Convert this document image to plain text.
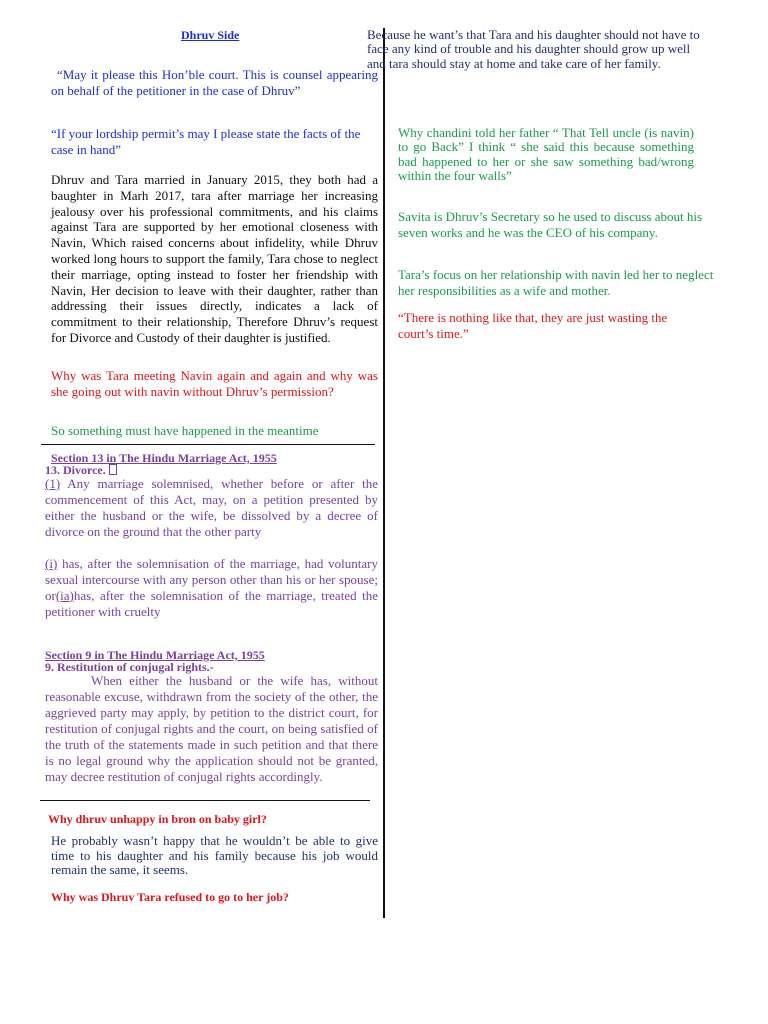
Dhruv Side
“May it please this Hon’ble court. This is counsel appearing on behalf of the petitioner in the case of Dhruv”
“If your lordship permit’s may I please state the facts of the case in hand”
Dhruv and Tara married in January 2015, they both had a baughter in Marh 2017, tara after marriage her increasing jealousy over his professional commitments, and his claims against Tara are supported by her emotional closeness with Navin, Which raised concerns about infidelity, while Dhruv worked long hours to support the family, Tara chose to neglect their marriage, opting instead to foster her friendship with Navin, Her decision to leave with their daughter, rather than addressing their issues directly, indicates a lack of commitment to their relationship, Therefore Dhruv’s request for Divorce and Custody of their daughter is justified.
Why was Tara meeting Navin again and again and why was she going out with navin without Dhruv’s permission?
So something must have happened in the meantime
Section 13 in The Hindu Marriage Act, 1955
13. Divorce.
(1) Any marriage solemnised, whether before or after the commencement of this Act, may, on a petition presented by either the husband or the wife, be dissolved by a decree of divorce on the ground that the other party
(i) has, after the solemnisation of the marriage, had voluntary sexual intercourse with any person other than his or her spouse; or(ia)has, after the solemnisation of the marriage, treated the petitioner with cruelty
Section 9 in The Hindu Marriage Act, 1955
9. Restitution of conjugal rights.-
When either the husband or the wife has, without reasonable excuse, withdrawn from the society of the other, the aggrieved party may apply, by petition to the district court, for restitution of conjugal rights and the court, on being satisfied of the truth of the statements made in such petition and that there is no legal ground why the application should not be granted, may decree restitution of conjugal rights accordingly.
Why dhruv unhappy in bron on baby girl?
He probably wasn’t happy that he wouldn’t be able to give time to his daughter and his family because his job would remain the same, it seems.
Why was Dhruv Tara refused to go to her job?
Because he want’s that Tara and his daughter should not have to face any kind of trouble and his daughter should grow up well and tara should stay at home and take care of her family.
Why chandini told her father “ That Tell uncle (is navin) to go Back” I think “ she said this because something bad happened to her or she saw something bad/wrong within the four walls”
Savita is Dhruv’s Secretary so he used to discuss about his seven works and he was the CEO of his company.
Tara’s focus on her relationship with navin led her to neglect her responsibilities as a wife and mother.
“There is nothing like that, they are just wasting the court’s time.”
